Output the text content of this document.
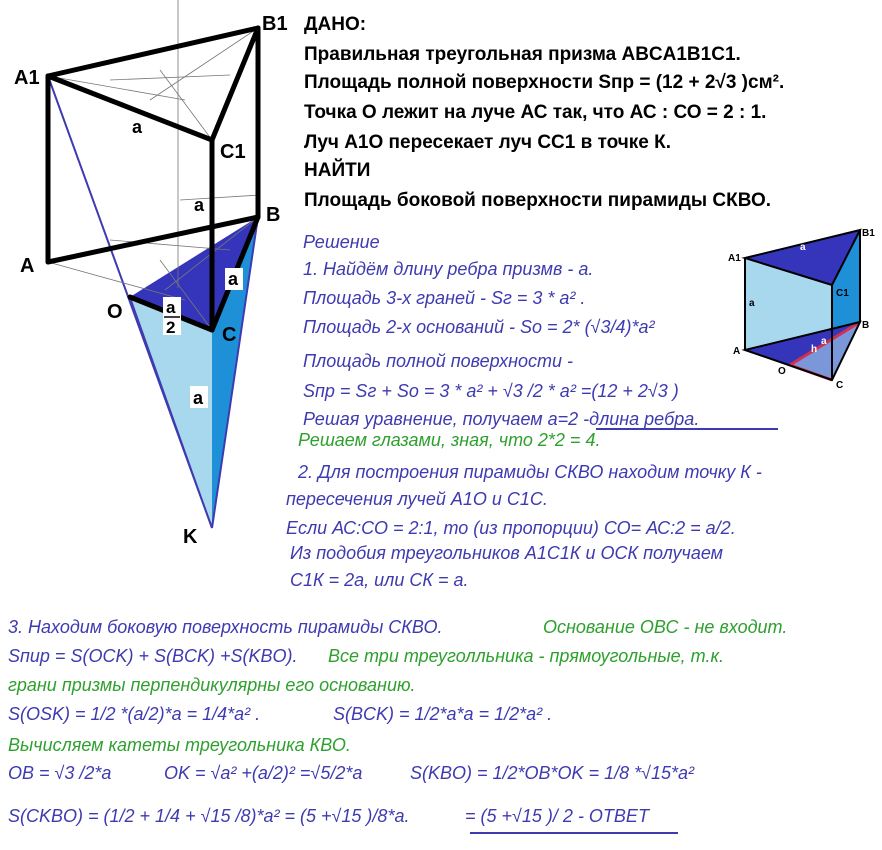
A1
B1
C1
A
B
C
O
K
a
a
a
a
2
a
A1
B1
C1
A
B
C
O
h
a
a
a
ДАНО:
Правильная треугольная призма ABCA1B1C1.
Площадь полной поверхности Sпр = (12 + 2√3 )см².
Точка О лежит на луче АС так, что АС : СО = 2 : 1.
Луч А1О пересекает луч СС1 в точке К.
НАЙТИ
Площадь боковой поверхности пирамиды СКВО.
Решение
1. Найдём длину ребра призмв - а.
Площадь 3-х граней - Sг = 3 * a² .
Площадь 2-х оснований - Sо = 2* (√3/4)*a²
Площадь полной поверхности -
Sпр = Sг + Sо = 3 * a² + √3 /2 * a² =(12 + 2√3 )
Решая уравнение, получаем а=2 -длина ребра.
Решаем глазами, зная, что 2*2 = 4.
2. Для построения пирамиды СКВО находим точку К -
пересечения лучей А1О и С1С.
Если АС:СО = 2:1, то (из пропорции) СО= АС:2 = а/2.
Из подобия треугольников А1С1К и ОСК получаем
С1К = 2а, или СК = а.
3. Находим боковую поверхность пирамиды СКВО.	Основание ОВС - не входит.
Sпир = S(OCK) + S(BCK) +S(KBO). Все три треуголльника - прямоугольные, т.к.
грани призмы перпендикулярны его основанию.
S(OSK) = 1/2 *(a/2)*a = 1/4*a² .	S(BCK) = 1/2*a*a = 1/2*a² .
Вычисляем катеты треугольника КВО.
OB = √3 /2*a	OK = √a² +(a/2)² =√5/2*a	S(KBO) = 1/2*OB*OK = 1/8 *√15*a²
S(CKBO) = (1/2 + 1/4 + √15 /8)*a² = (5 +√15 )/8*a.	= (5 +√15 )/ 2 - ОТВЕТ
